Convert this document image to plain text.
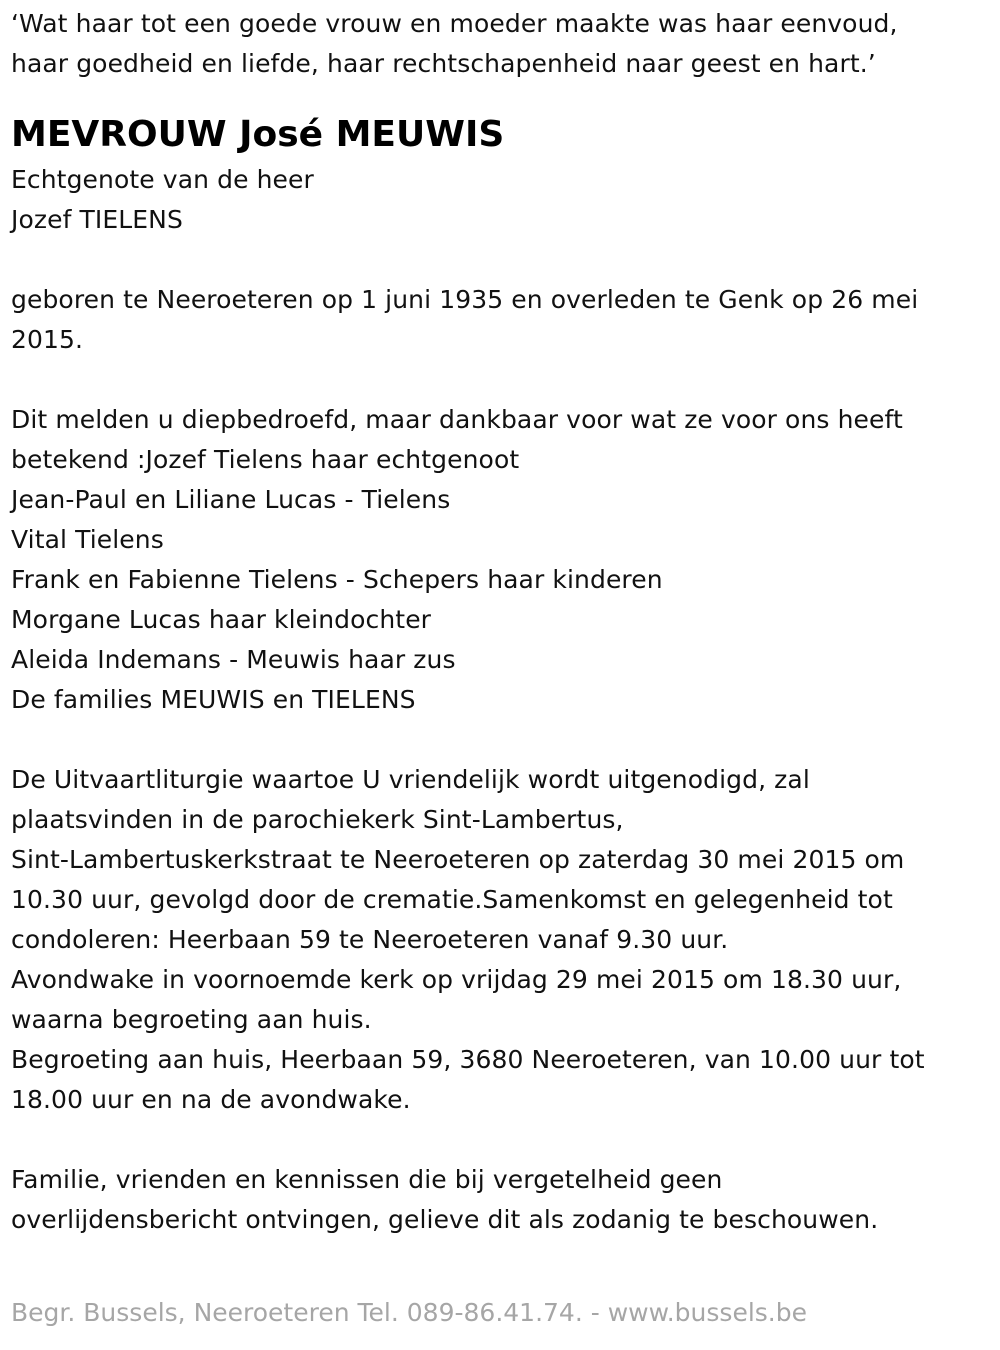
‘Wat haar tot een goede vrouw en moeder maakte was haar eenvoud,
haar goedheid en liefde, haar rechtschapenheid naar geest en hart.’
MEVROUW José MEUWIS
Echtgenote van de heer
Jozef TIELENS
geboren te Neeroeteren op 1 juni 1935 en overleden te Genk op 26 mei
2015.
Dit melden u diepbedroefd, maar dankbaar voor wat ze voor ons heeft
betekend :Jozef Tielens haar echtgenoot
Jean-Paul en Liliane Lucas - Tielens
Vital Tielens
Frank en Fabienne Tielens - Schepers haar kinderen
Morgane Lucas haar kleindochter
Aleida Indemans - Meuwis haar zus
De families MEUWIS en TIELENS
De Uitvaartliturgie waartoe U vriendelijk wordt uitgenodigd, zal
plaatsvinden in de parochiekerk Sint-Lambertus,
Sint-Lambertuskerkstraat te Neeroeteren op zaterdag 30 mei 2015 om
10.30 uur, gevolgd door de crematie.Samenkomst en gelegenheid tot
condoleren: Heerbaan 59 te Neeroeteren vanaf 9.30 uur.
Avondwake in voornoemde kerk op vrijdag 29 mei 2015 om 18.30 uur,
waarna begroeting aan huis.
Begroeting aan huis, Heerbaan 59, 3680 Neeroeteren, van 10.00 uur tot
18.00 uur en na de avondwake.
Familie, vrienden en kennissen die bij vergetelheid geen
overlijdensbericht ontvingen, gelieve dit als zodanig te beschouwen.
Begr. Bussels, Neeroeteren Tel. 089-86.41.74. - www.bussels.be
